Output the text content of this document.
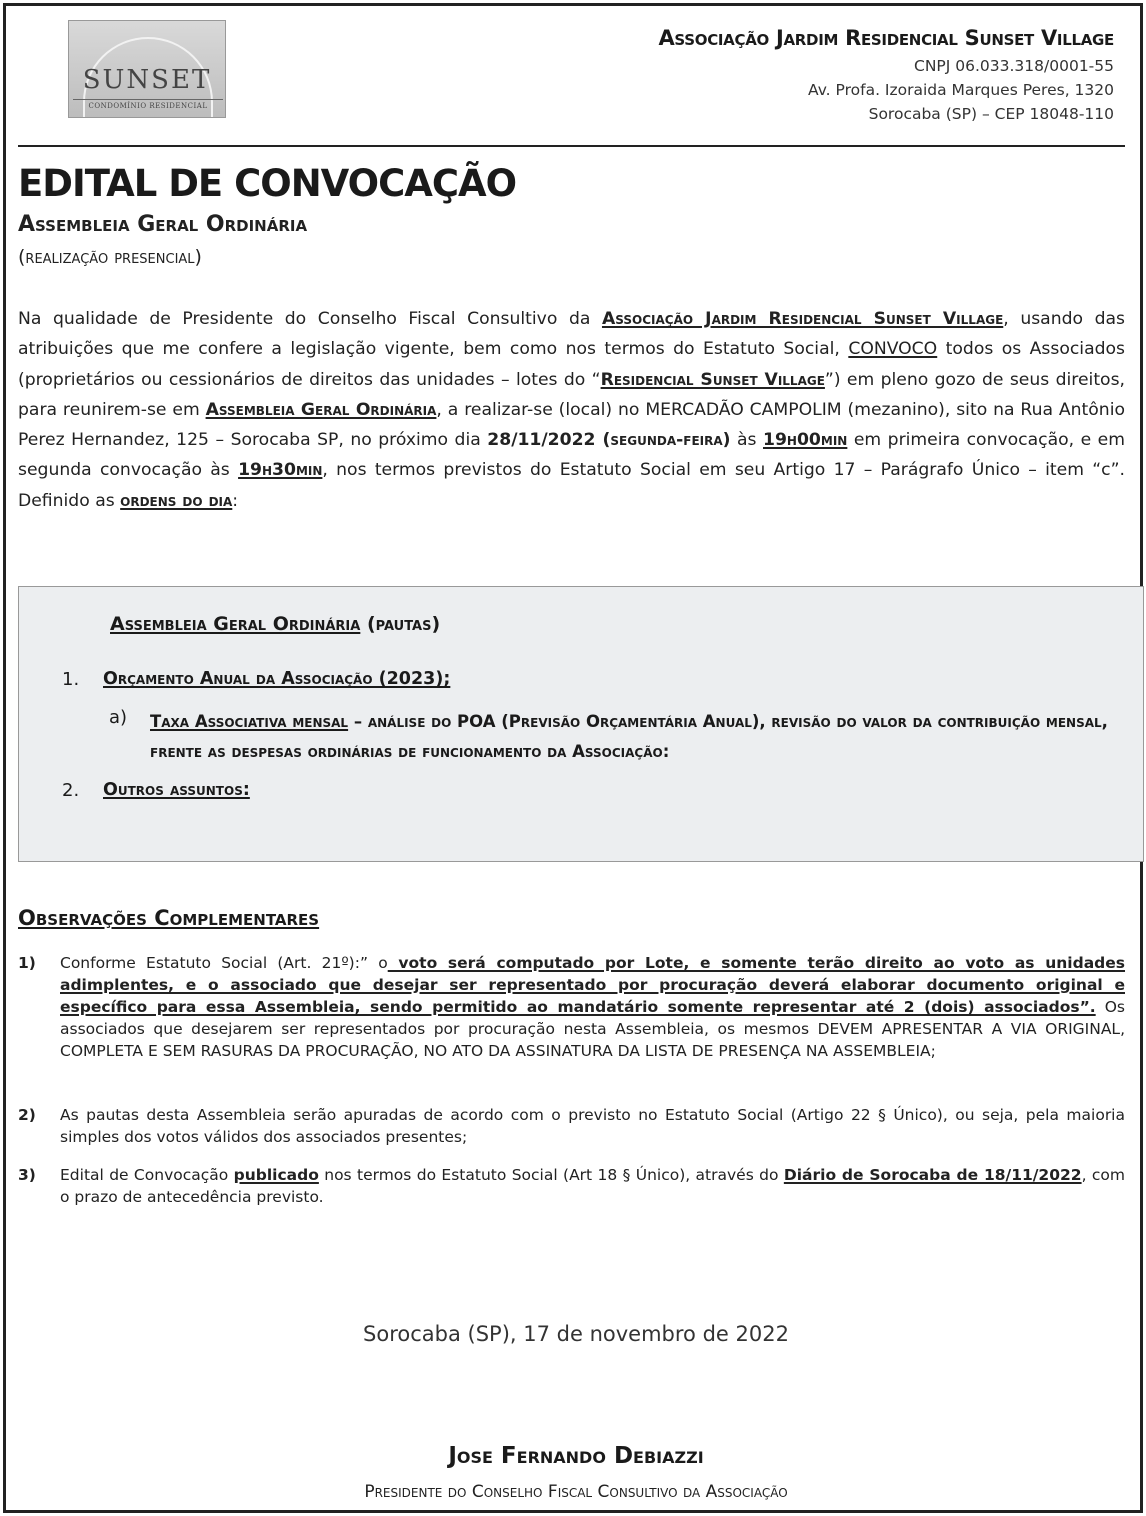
SUNSET
CONDOMÍNIO RESIDENCIAL
Associação Jardim Residencial Sunset Village
CNPJ 06.033.318/0001-55
Av. Profa. Izoraida Marques Peres, 1320
Sorocaba (SP) – CEP 18048-110
EDITAL DE CONVOCAÇÃO
Assembleia Geral Ordinária
(realização presencial)
Na qualidade de Presidente do Conselho Fiscal Consultivo da Associação Jardim Residencial Sunset Village, usando das atribuições que me confere a legislação vigente, bem como nos termos do Estatuto Social, CONVOCO todos os Associados (proprietários ou cessionários de direitos das unidades – lotes do “Residencial Sunset Village”) em pleno gozo de seus direitos, para reunirem-se em Assembleia Geral Ordinária, a realizar-se (local) no MERCADÃO CAMPOLIM (mezanino), sito na Rua Antônio Perez Hernandez, 125 – Sorocaba SP, no próximo dia 28/11/2022 (segunda-feira) às 19h00min em primeira convocação, e em segunda convocação às 19h30min, nos termos previstos do Estatuto Social em seu Artigo 17 – Parágrafo Único – item “c”. Definido as ordens do dia:
Assembleia Geral Ordinária (pautas)
1. Orçamento Anual da Associação (2023);
a) Taxa Associativa mensal – análise do POA (Previsão Orçamentária Anual), revisão do valor da contribuição mensal, frente as despesas ordinárias de funcionamento da Associação:
2. Outros assuntos:
Observações Complementares
1) Conforme Estatuto Social (Art. 21º):” o voto será computado por Lote, e somente terão direito ao voto as unidades adimplentes, e o associado que desejar ser representado por procuração deverá elaborar documento original e específico para essa Assembleia, sendo permitido ao mandatário somente representar até 2 (dois) associados”. Os associados que desejarem ser representados por procuração nesta Assembleia, os mesmos DEVEM APRESENTAR A VIA ORIGINAL, COMPLETA E SEM RASURAS DA PROCURAÇÃO, NO ATO DA ASSINATURA DA LISTA DE PRESENÇA NA ASSEMBLEIA;
2) As pautas desta Assembleia serão apuradas de acordo com o previsto no Estatuto Social (Artigo 22 § Único), ou seja, pela maioria simples dos votos válidos dos associados presentes;
3) Edital de Convocação publicado nos termos do Estatuto Social (Art 18 § Único), através do Diário de Sorocaba de 18/11/2022, com o prazo de antecedência previsto.
Sorocaba (SP), 17 de novembro de 2022
Jose Fernando Debiazzi
Presidente do Conselho Fiscal Consultivo da Associação
